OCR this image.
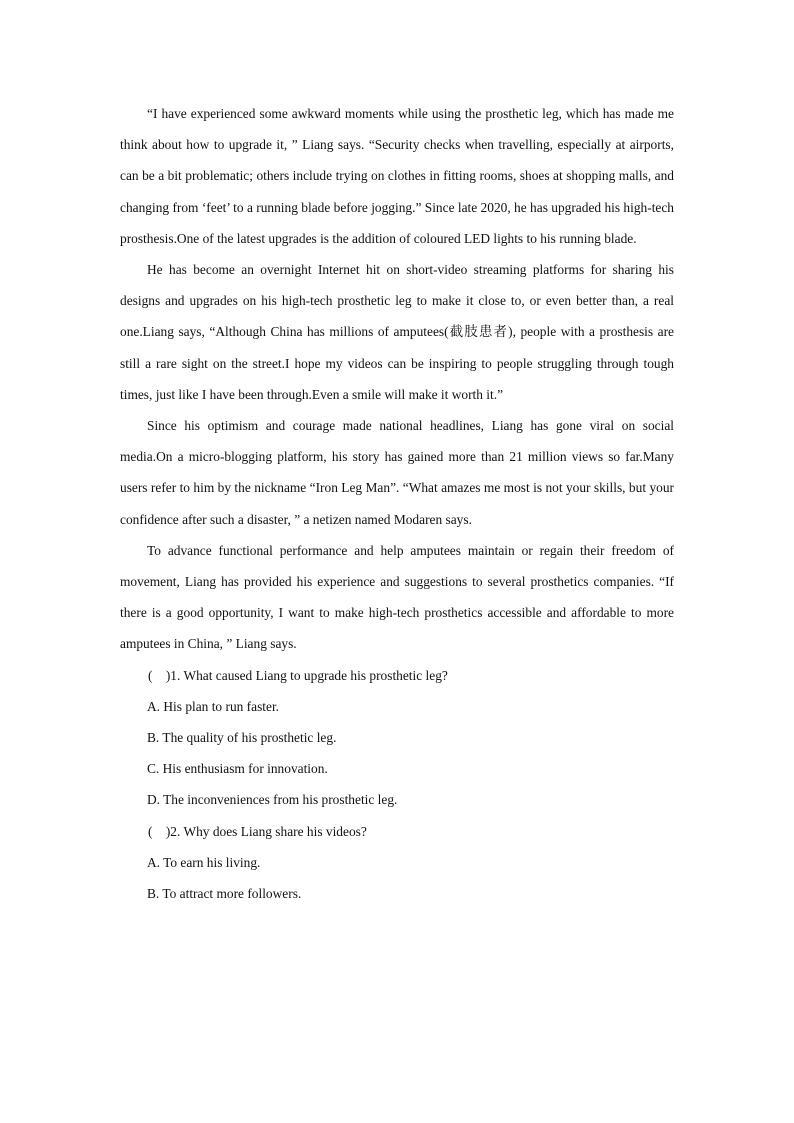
“I have experienced some awkward moments while using the prosthetic leg, which has made me think about how to upgrade it, ” Liang says. “Security checks when travelling, especially at airports, can be a bit problematic; others include trying on clothes in fitting rooms, shoes at shopping malls, and changing from ‘feet’ to a running blade before jogging.” Since late 2020, he has upgraded his high-tech prosthesis.One of the latest upgrades is the addition of coloured LED lights to his running blade.

He has become an overnight Internet hit on short-video streaming platforms for sharing his designs and upgrades on his high-tech prosthetic leg to make it close to, or even better than, a real one.Liang says, “Although China has millions of amputees(截肢患者), people with a prosthesis are still a rare sight on the street.I hope my videos can be inspiring to people struggling through tough times, just like I have been through.Even a smile will make it worth it.”

Since his optimism and courage made national headlines, Liang has gone viral on social media.On a micro-blogging platform, his story has gained more than 21 million views so far.Many users refer to him by the nickname “Iron Leg Man”. “What amazes me most is not your skills, but your confidence after such a disaster, ” a netizen named Modaren says.

To advance functional performance and help amputees maintain or regain their freedom of movement, Liang has provided his experience and suggestions to several prosthetics companies. “If there is a good opportunity, I want to make high-tech prosthetics accessible and affordable to more amputees in China, ” Liang says.

(    )1. What caused Liang to upgrade his prosthetic leg?

A. His plan to run faster.

B. The quality of his prosthetic leg.

C. His enthusiasm for innovation.

D. The inconveniences from his prosthetic leg.

(    )2. Why does Liang share his videos?

A. To earn his living.

B. To attract more followers.
